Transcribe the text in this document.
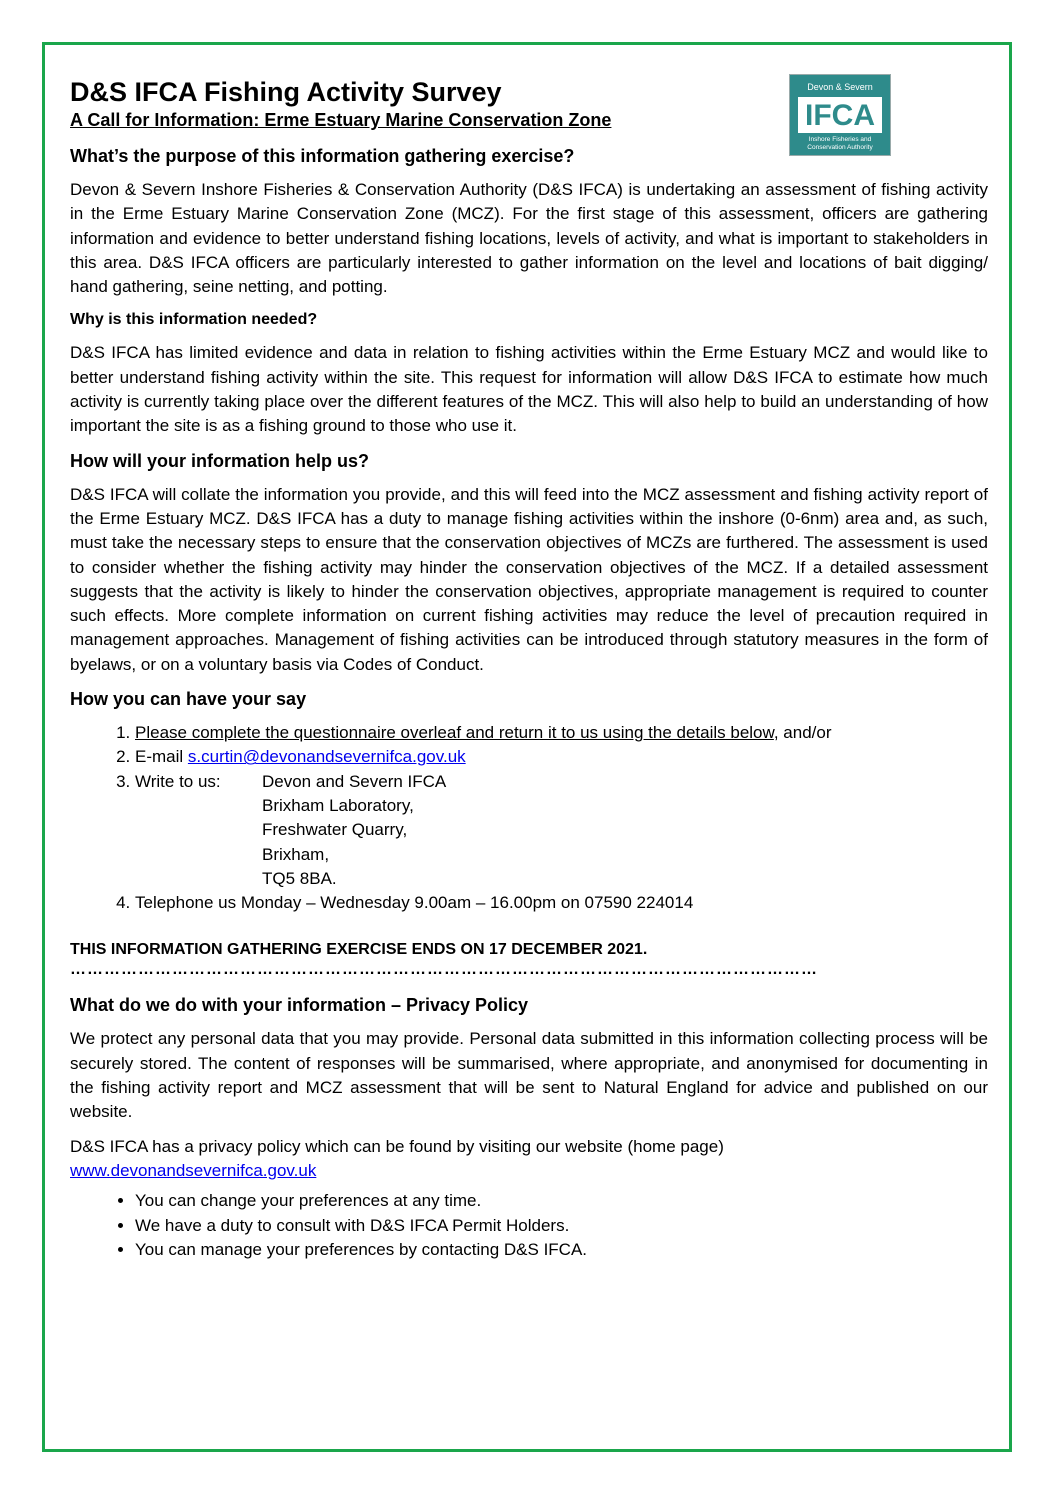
Devon & Severn
IFCA
Inshore Fisheries and Conservation Authority
D&S IFCA Fishing Activity Survey
A Call for Information: Erme Estuary Marine Conservation Zone
What’s the purpose of this information gathering exercise?

Devon & Severn Inshore Fisheries & Conservation Authority (D&S IFCA) is undertaking an assessment of fishing activity in the Erme Estuary Marine Conservation Zone (MCZ). For the first stage of this assessment, officers are gathering information and evidence to better understand fishing locations, levels of activity, and what is important to stakeholders in this area. D&S IFCA officers are particularly interested to gather information on the level and locations of bait digging/ hand gathering, seine netting, and potting.

Why is this information needed?

D&S IFCA has limited evidence and data in relation to fishing activities within the Erme Estuary MCZ and would like to better understand fishing activity within the site. This request for information will allow D&S IFCA to estimate how much activity is currently taking place over the different features of the MCZ. This will also help to build an understanding of how important the site is as a fishing ground to those who use it.

How will your information help us?

D&S IFCA will collate the information you provide, and this will feed into the MCZ assessment and fishing activity report of the Erme Estuary MCZ. D&S IFCA has a duty to manage fishing activities within the inshore (0-6nm) area and, as such, must take the necessary steps to ensure that the conservation objectives of MCZs are furthered. The assessment is used to consider whether the fishing activity may hinder the conservation objectives of the MCZ. If a detailed assessment suggests that the activity is likely to hinder the conservation objectives, appropriate management is required to counter such effects. More complete information on current fishing activities may reduce the level of precaution required in management approaches. Management of fishing activities can be introduced through statutory measures in the form of byelaws, or on a voluntary basis via Codes of Conduct.

How you can have your say
1. Please complete the questionnaire overleaf and return it to us using the details below, and/or
2. E-mail s.curtin@devonandsevernifca.gov.uk
3. Write to us:	Devon and Severn IFCA
Brixham Laboratory,
Freshwater Quarry,
Brixham,
TQ5 8BA.
4. Telephone us Monday – Wednesday 9.00am – 16.00pm on 07590 224014
THIS INFORMATION GATHERING EXERCISE ENDS ON 17 DECEMBER 2021.
……………………………………………………………………………………………………………………
What do we do with your information – Privacy Policy

We protect any personal data that you may provide. Personal data submitted in this information collecting process will be securely stored. The content of responses will be summarised, where appropriate, and anonymised for documenting in the fishing activity report and MCZ assessment that will be sent to Natural England for advice and published on our website.

D&S IFCA has a privacy policy which can be found by visiting our website (home page)
www.devonandsevernifca.gov.uk

• You can change your preferences at any time.
• We have a duty to consult with D&S IFCA Permit Holders.
• You can manage your preferences by contacting D&S IFCA.
